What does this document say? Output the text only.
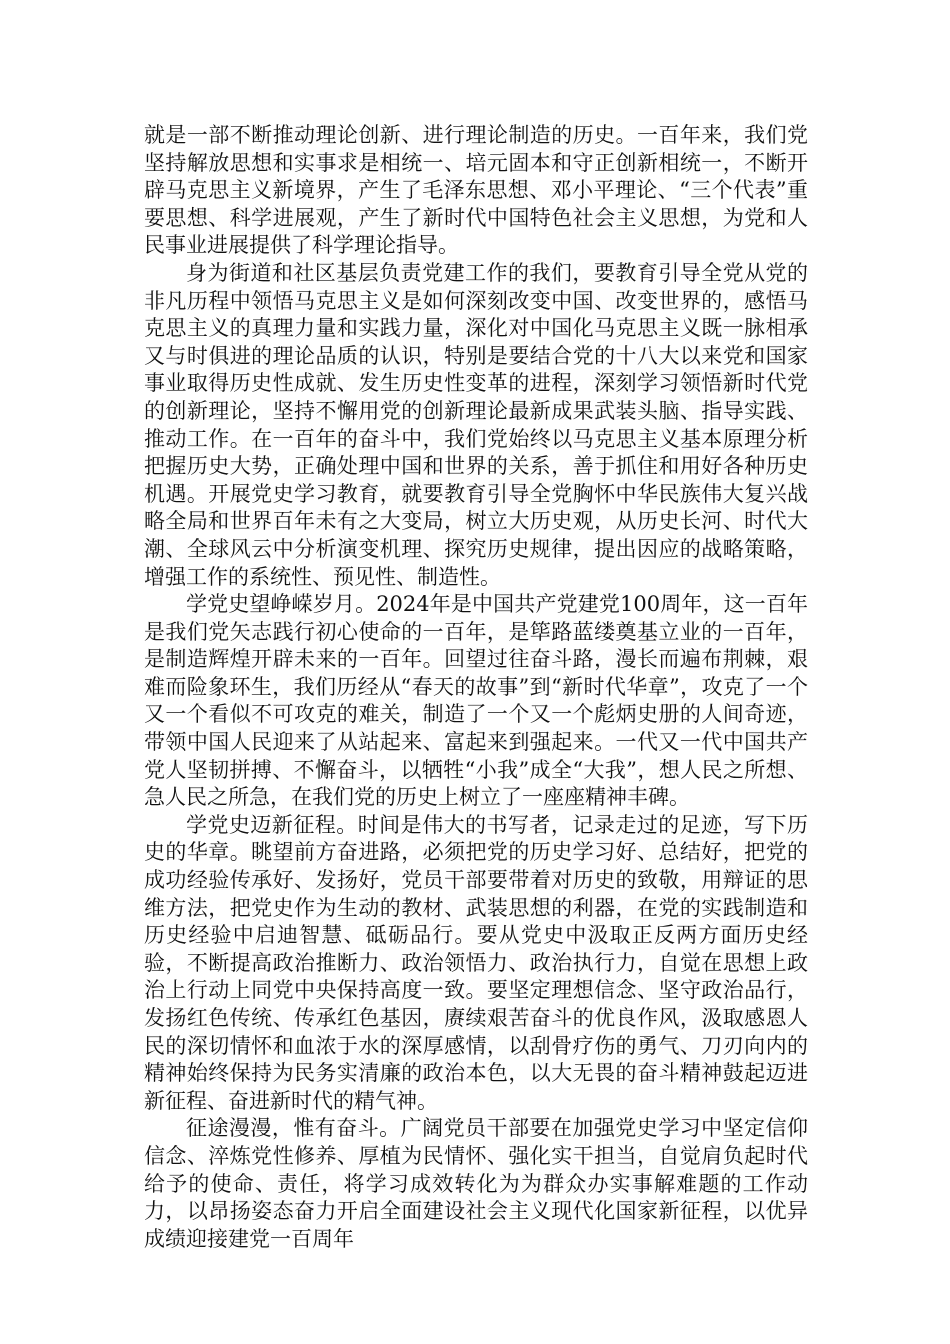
就是一部不断推动理论创新、进行理论制造的历史。一百年来，我们党坚持解放思想和实事求是相统一、培元固本和守正创新相统一，不断开辟马克思主义新境界，产生了毛泽东思想、邓小平理论、“三个代表”重要思想、科学进展观，产生了新时代中国特色社会主义思想，为党和人民事业进展提供了科学理论指导。

身为街道和社区基层负责党建工作的我们，要教育引导全党从党的非凡历程中领悟马克思主义是如何深刻改变中国、改变世界的，感悟马克思主义的真理力量和实践力量，深化对中国化马克思主义既一脉相承又与时俱进的理论品质的认识，特别是要结合党的十八大以来党和国家事业取得历史性成就、发生历史性变革的进程，深刻学习领悟新时代党的创新理论，坚持不懈用党的创新理论最新成果武装头脑、指导实践、推动工作。在一百年的奋斗中，我们党始终以马克思主义基本原理分析把握历史大势，正确处理中国和世界的关系，善于抓住和用好各种历史机遇。开展党史学习教育，就要教育引导全党胸怀中华民族伟大复兴战略全局和世界百年未有之大变局，树立大历史观，从历史长河、时代大潮、全球风云中分析演变机理、探究历史规律，提出因应的战略策略，增强工作的系统性、预见性、制造性。

学党史望峥嵘岁月。2024年是中国共产党建党100周年，这一百年是我们党矢志践行初心使命的一百年，是筚路蓝缕奠基立业的一百年，是制造辉煌开辟未来的一百年。回望过往奋斗路，漫长而遍布荆棘，艰难而险象环生，我们历经从“春天的故事”到“新时代华章”，攻克了一个又一个看似不可攻克的难关，制造了一个又一个彪炳史册的人间奇迹，带领中国人民迎来了从站起来、富起来到强起来。一代又一代中国共产党人坚韧拼搏、不懈奋斗，以牺牲“小我”成全“大我”，想人民之所想、急人民之所急，在我们党的历史上树立了一座座精神丰碑。

学党史迈新征程。时间是伟大的书写者，记录走过的足迹，写下历史的华章。眺望前方奋进路，必须把党的历史学习好、总结好，把党的成功经验传承好、发扬好，党员干部要带着对历史的致敬，用辩证的思维方法，把党史作为生动的教材、武装思想的利器，在党的实践制造和历史经验中启迪智慧、砥砺品行。要从党史中汲取正反两方面历史经验，不断提高政治推断力、政治领悟力、政治执行力，自觉在思想上政治上行动上同党中央保持高度一致。要坚定理想信念、坚守政治品行，发扬红色传统、传承红色基因，赓续艰苦奋斗的优良作风，汲取感恩人民的深切情怀和血浓于水的深厚感情，以刮骨疗伤的勇气、刀刃向内的精神始终保持为民务实清廉的政治本色，以大无畏的奋斗精神鼓起迈进新征程、奋进新时代的精气神。

征途漫漫，惟有奋斗。广阔党员干部要在加强党史学习中坚定信仰信念、淬炼党性修养、厚植为民情怀、强化实干担当，自觉肩负起时代给予的使命、责任，将学习成效转化为为群众办实事解难题的工作动力，以昂扬姿态奋力开启全面建设社会主义现代化国家新征程，以优异成绩迎接建党一百周年
